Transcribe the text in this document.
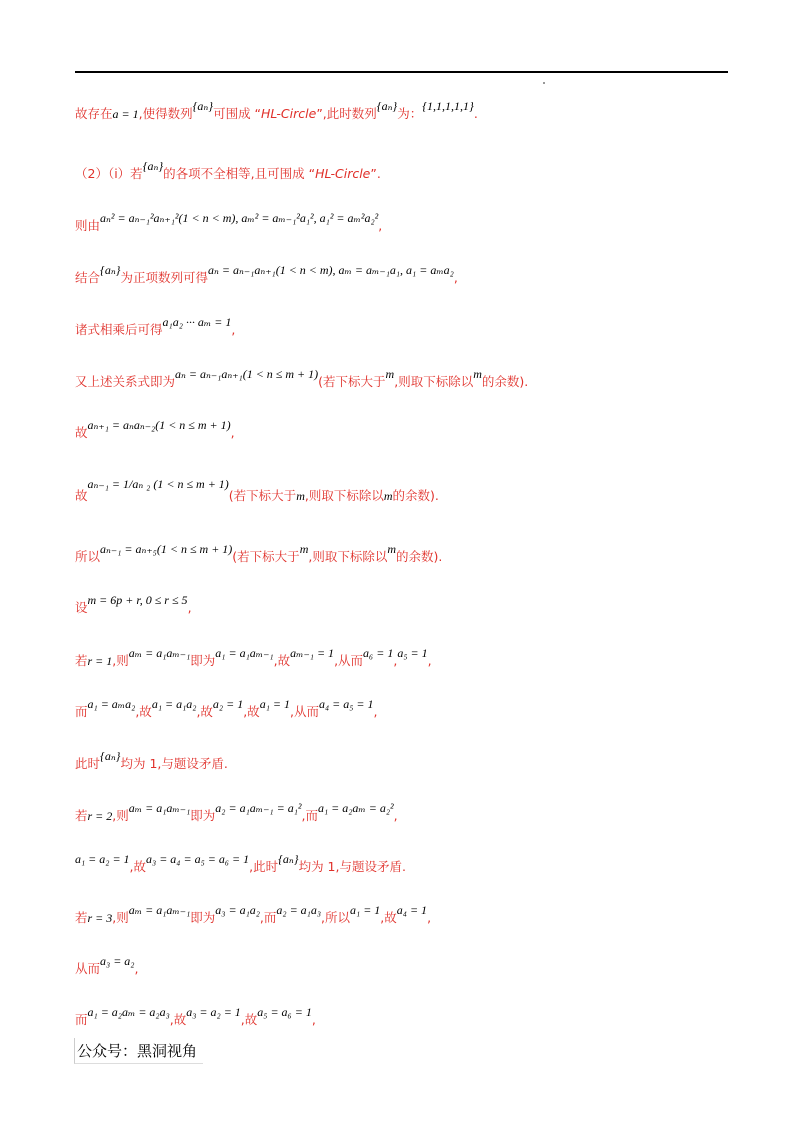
故存在a = 1,使得数列{aₙ}可围成 “HL-Circle”,此时数列{aₙ}为：{1,1,1,1,1}.
（2）（i）若{aₙ}的各项不全相等,且可围成 “HL-Circle”.
则由aₙ² = aₙ₋₁²aₙ₊₁²(1 < n < m), aₘ² = aₘ₋₁²a₁², a₁² = aₘ²a₂²,
结合{aₙ}为正项数列可得aₙ = aₙ₋₁aₙ₊₁(1 < n < m), aₘ = aₘ₋₁a₁, a₁ = aₘa₂,
诸式相乘后可得a₁a₂ ··· aₘ = 1,
又上述关系式即为aₙ = aₙ₋₁aₙ₊₁(1 < n ≤ m + 1)(若下标大于m,则取下标除以m的余数).
故aₙ₊₁ = aₙaₙ₋₂(1 < n ≤ m + 1),
故aₙ₋₁ = 1/aₙ ₂ (1 < n ≤ m + 1)(若下标大于m,则取下标除以m的余数).
所以aₙ₋₁ = aₙ₊₅(1 < n ≤ m + 1)(若下标大于m,则取下标除以m的余数).
设m = 6p + r, 0 ≤ r ≤ 5,
若r = 1,则aₘ = a₁aₘ₋₁即为a₁ = a₁aₘ₋₁,故aₘ₋₁ = 1,从而a₆ = 1,a₅ = 1,
而a₁ = aₘa₂,故a₁ = a₁a₂,故a₂ = 1,故a₁ = 1,从而a₄ = a₅ = 1,
此时{aₙ}均为 1,与题设矛盾.
若r = 2,则aₘ = a₁aₘ₋₁即为a₂ = a₁aₘ₋₁ = a₁²,而a₁ = a₂aₘ = a₂²,
a₁ = a₂ = 1,故a₃ = a₄ = a₅ = a₆ = 1,此时{aₙ}均为 1,与题设矛盾.
若r = 3,则aₘ = a₁aₘ₋₁即为a₃ = a₁a₂,而a₂ = a₁a₃,所以a₁ = 1,故a₄ = 1,
从而a₃ = a₂,
而a₁ = a₂aₘ = a₂a₃,故a₃ = a₂ = 1,故a₅ = a₆ = 1,
公众号：黑洞视角
